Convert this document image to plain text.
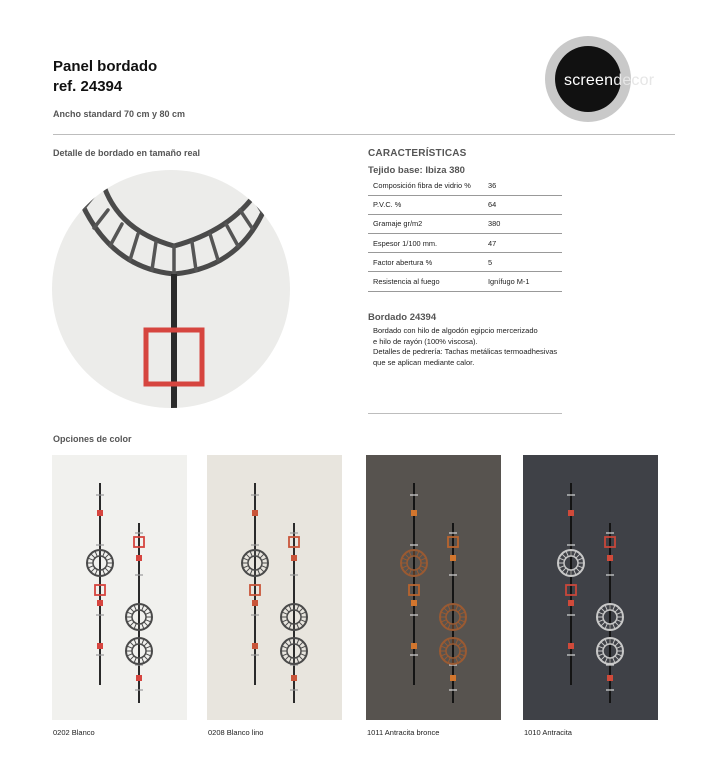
Panel bordado
ref. 24394
Ancho standard 70 cm y 80 cm
screendecor
Detalle de bordado en tamaño real	CARACTERÍSTICAS
Tejido base: Ibiza 380
Composición fibra de vidrio %	36
P.V.C. %	64
Gramaje gr/m2	380
Espesor 1/100 mm.	47
Factor abertura %	5
Resistencia al fuego	Ignífugo M-1
Bordado 24394

Bordado con hilo de algodón egipcio mercerizado

e hilo de rayón (100% viscosa).

Detalles de pedrería: Tachas metálicas termoadhesivas

que se aplican mediante calor.

Opciones de color
0202 Blanco	0208 Blanco lino	1011 Antracita bronce	1010 Antracita
